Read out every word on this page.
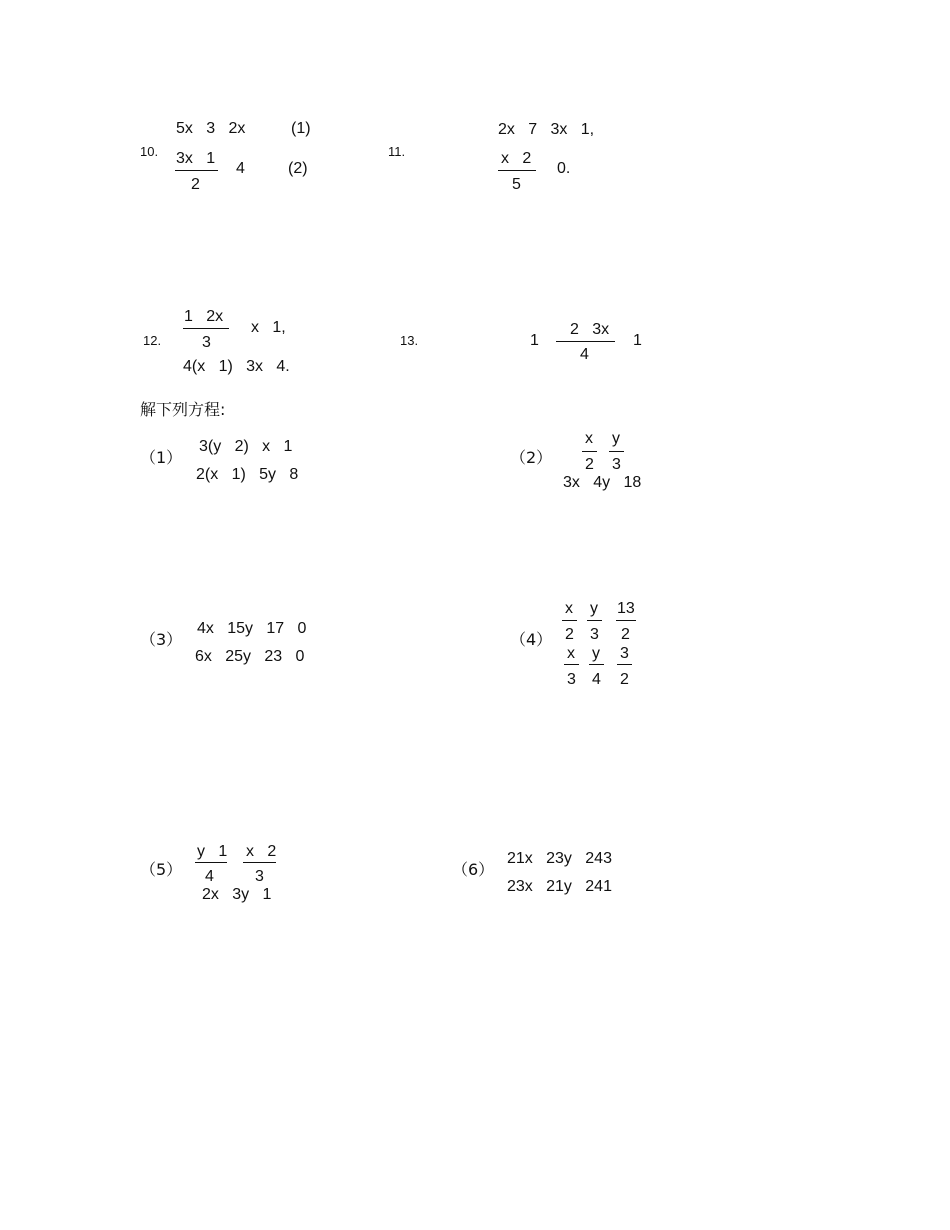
10.
5x   3   2x	(1)
3x   1
2
4	(2)
11.
2x   7   3x   1,
x   2
5
0.
12.
1   2x
3
x   1,
4(x   1)   3x   4.
13.	1
2   3x
4
1
解下列方程:
（1）
3(y   2)   x   1
2(x   1)   5y   8
（2）
x
2
y
3
3x   4y   18
（3）
4x   15y   17   0
6x   25y   23   0
（4）
x
2
y
3
13
2
x
3
y
4
3
2
（5）
y   1
4
x   2
3
2x   3y   1
（6）
21x   23y   243
23x   21y   241
